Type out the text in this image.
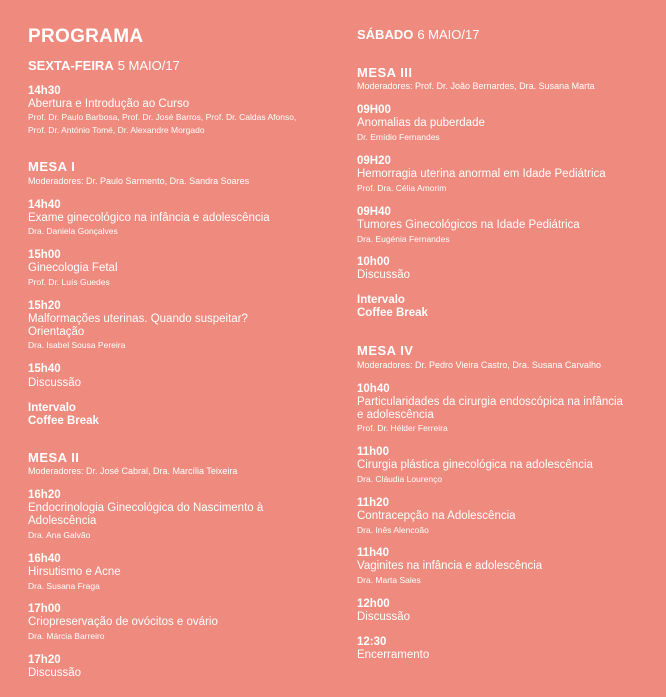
PROGRAMA
SEXTA-FEIRA 5 MAIO/17
14h30
Abertura e Introdução ao Curso
Prof. Dr. Paulo Barbosa, Prof. Dr. José Barros, Prof. Dr. Caldas Afonso,
Prof. Dr. António Tomé, Dr. Alexandre Morgado
MESA I
Moderadores: Dr. Paulo Sarmento, Dra. Sandra Soares
14h40
Exame ginecológico na infância e adolescência
Dra. Daniela Gonçalves
15h00
Ginecologia Fetal
Prof. Dr. Luís Guedes
15h20
Malformações uterinas. Quando suspeitar?
Orientação
Dra. Isabel Sousa Pereira
15h40
Discussão
Intervalo
Coffee Break
MESA II
Moderadores: Dr. José Cabral, Dra. Marcília Teixeira
16h20
Endocrinologia Ginecológica do Nascimento à
Adolescência
Dra. Ana Galvão
16h40
Hirsutismo e Acne
Dra. Susana Fraga
17h00
Criopreservação de ovócitos e ovário
Dra. Márcia Barreiro
17h20
Discussão
SÁBADO 6 MAIO/17
MESA III
Moderadores: Prof. Dr. João Bernardes, Dra. Susana Marta
09H00
Anomalias da puberdade
Dr. Emídio Fernandes
09H20
Hemorragia uterina anormal em Idade Pediátrica
Prof. Dra. Célia Amorim
09H40
Tumores Ginecológicos na Idade Pediátrica
Dra. Eugénia Fernandes
10h00
Discussão
Intervalo
Coffee Break
MESA IV
Moderadores: Dr. Pedro Vieira Castro, Dra. Susana Carvalho
10h40
Particularidades da cirurgia endoscópica na infância
e adolescência
Prof. Dr. Hélder Ferreira
11h00
Cirurgia plástica ginecológica na adolescência
Dra. Cláudia Lourenço
11h20
Contracepção na Adolescência
Dra. Inês Alencoão
11h40
Vaginites na infância e adolescência
Dra. Marta Sales
12h00
Discussão
12:30
Encerramento
